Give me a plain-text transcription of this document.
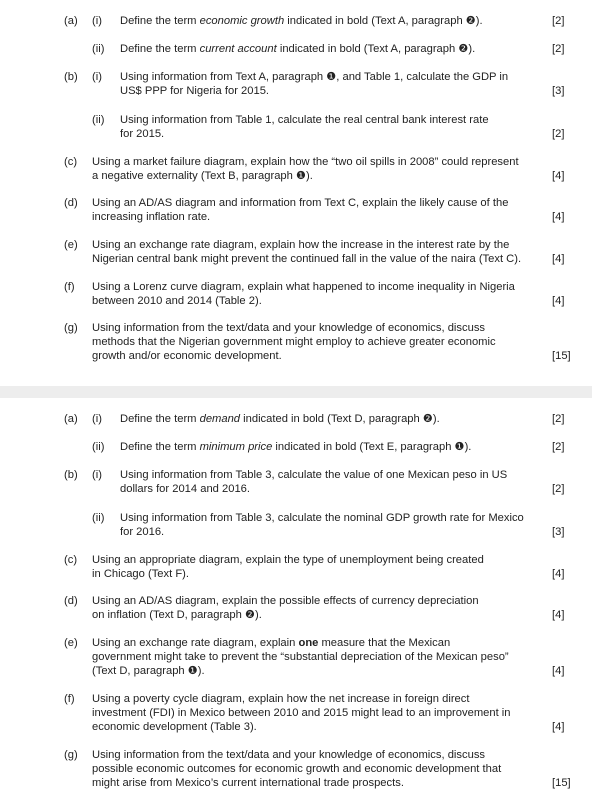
(a) (i) Define the term economic growth indicated in bold (Text A, paragraph ❷).	[2]
(ii) Define the term current account indicated in bold (Text A, paragraph ❷).	[2]
(b) (i) Using information from Text A, paragraph ❶, and Table 1, calculate the GDP in
US$ PPP for Nigeria for 2015.	[3]
(ii) Using information from Table 1, calculate the real central bank interest rate
for 2015.	[2]
(c) Using a market failure diagram, explain how the “two oil spills in 2008” could represent
a negative externality (Text B, paragraph ❶).	[4]
(d) Using an AD/AS diagram and information from Text C, explain the likely cause of the
increasing inflation rate.	[4]
(e) Using an exchange rate diagram, explain how the increase in the interest rate by the
Nigerian central bank might prevent the continued fall in the value of the naira (Text C).	[4]
(f) Using a Lorenz curve diagram, explain what happened to income inequality in Nigeria
between 2010 and 2014 (Table 2).	[4]
(g) Using information from the text/data and your knowledge of economics, discuss
methods that the Nigerian government might employ to achieve greater economic
growth and/or economic development.	[15]
(a) (i) Define the term demand indicated in bold (Text D, paragraph ❷).	[2]
(ii) Define the term minimum price indicated in bold (Text E, paragraph ❶).	[2]
(b) (i) Using information from Table 3, calculate the value of one Mexican peso in US
dollars for 2014 and 2016.	[2]
(ii) Using information from Table 3, calculate the nominal GDP growth rate for Mexico
for 2016.	[3]
(c) Using an appropriate diagram, explain the type of unemployment being created
in Chicago (Text F).	[4]
(d) Using an AD/AS diagram, explain the possible effects of currency depreciation
on inflation (Text D, paragraph ❷).	[4]
(e) Using an exchange rate diagram, explain one measure that the Mexican
government might take to prevent the “substantial depreciation of the Mexican peso”
(Text D, paragraph ❶).	[4]
(f) Using a poverty cycle diagram, explain how the net increase in foreign direct
investment (FDI) in Mexico between 2010 and 2015 might lead to an improvement in
economic development (Table 3).	[4]
(g) Using information from the text/data and your knowledge of economics, discuss
possible economic outcomes for economic growth and economic development that
might arise from Mexico’s current international trade prospects.	[15]
